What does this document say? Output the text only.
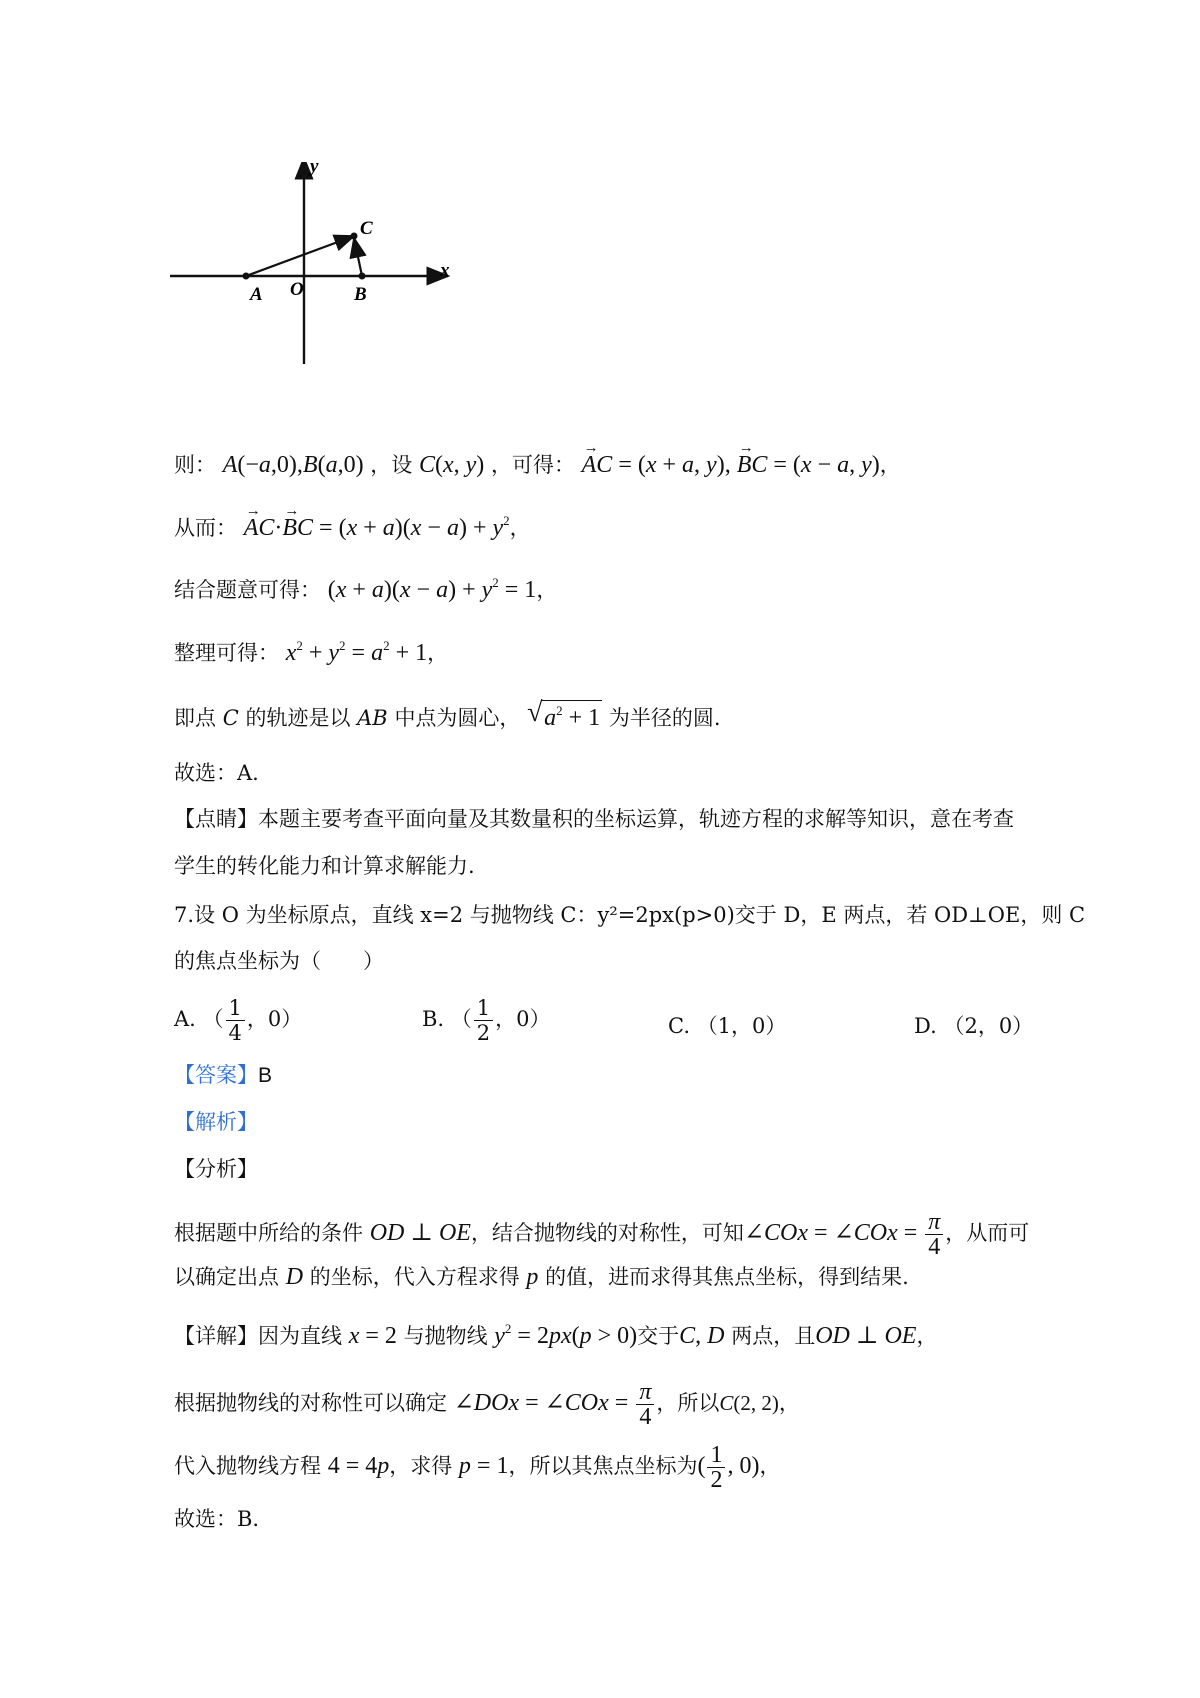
y
x
C
A O	B
则： A(−a,0),B(a,0) ，设 C(x, y) ，可得： → AC = (x + a, y), → BC = (x − a, y)，
从而： → AC·→ BC = $(x + a)(x - a) + y^2$，
结合题意可得： $(x + a)(x - a) + y^2 = 1$，
整理可得： $x^2 + y^2 = a^2 + 1$，
即点 C 的轨迹是以 AB 中点为圆心， √ $a^2 + 1$ 为半径的圆.
故选：A.
【点睛】本题主要考查平面向量及其数量积的坐标运算，轨迹方程的求解等知识，意在考查
学生的转化能力和计算求解能力.
7.设 O 为坐标原点，直线 x=2 与抛物线 C：y²=2px(p>0)交于 D，E 两点，若 OD⊥OE，则 C
的焦点坐标为（　　）
A. （ $\frac{1}{4}$ ，0）	B. （ $\frac{1}{2}$ ，0）	C. （1，0）	D. （2，0）
【答案】B
【解析】
【分析】
根据题中所给的条件 OD ⊥ OE，结合抛物线的对称性，可知∠COx = ∠COx = $\frac{\pi}{4}$ ，从而可
以确定出点 D 的坐标，代入方程求得 p 的值，进而求得其焦点坐标，得到结果.
【详解】因为直线 x = 2 与抛物线 $y^2 = 2px(p > 0)$交于C, D 两点，且OD ⊥ OE，
根据抛物线的对称性可以确定 ∠DOx = ∠COx = $\frac{\pi}{4}$ ，所以C(2, 2)，
代入抛物线方程 4 = 4p，求得 p = 1，所以其焦点坐标为( $\frac{1}{2}$ , 0)，
故选：B.
